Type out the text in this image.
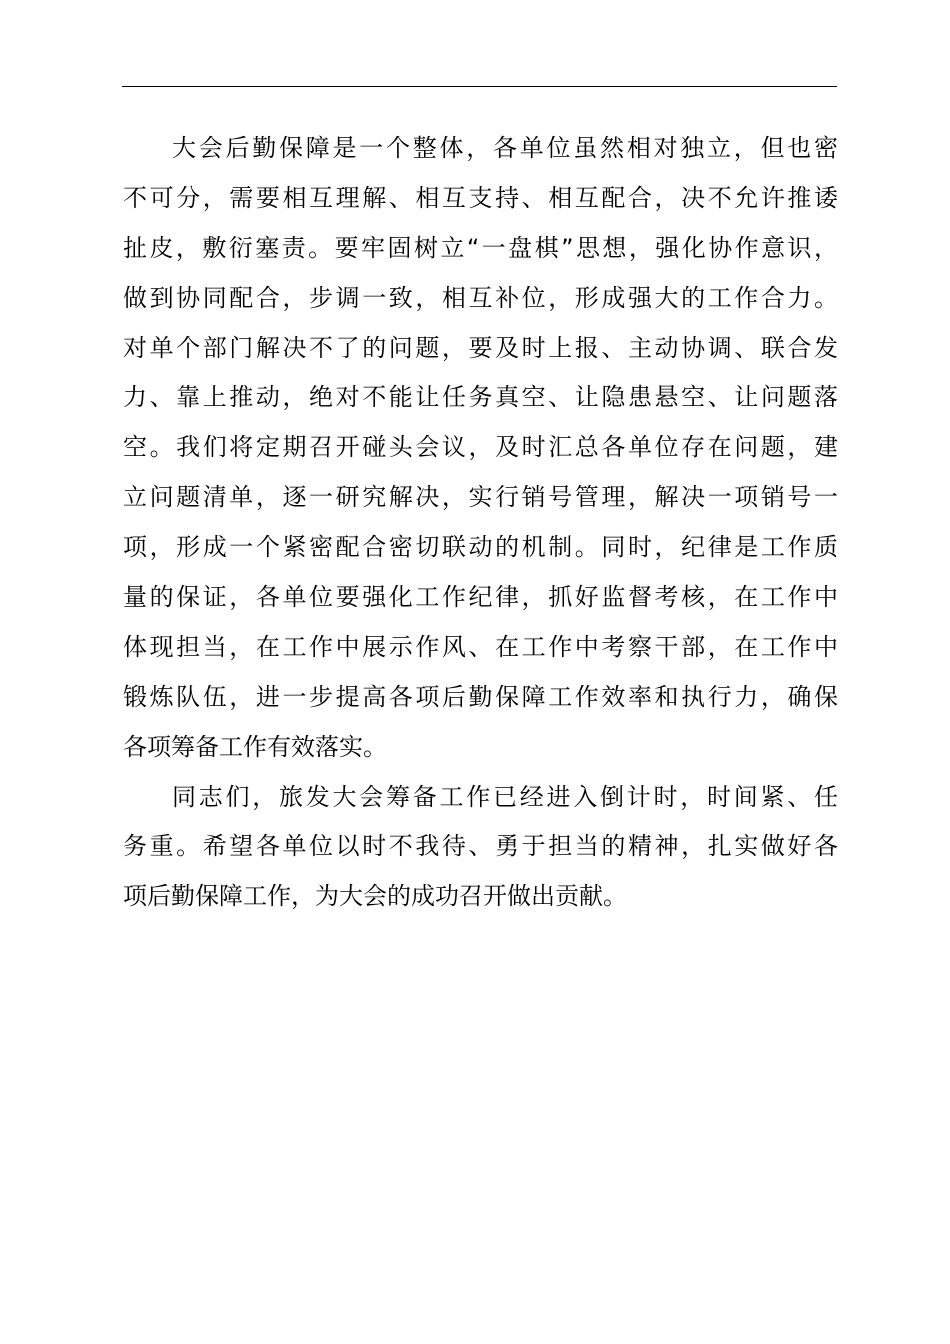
大会后勤保障是一个整体，各单位虽然相对独立，但也密
不可分，需要相互理解、相互支持、相互配合，决不允许推诿
扯皮，敷衍塞责。要牢固树立“一盘棋”思想，强化协作意识，
做到协同配合，步调一致，相互补位，形成强大的工作合力。
对单个部门解决不了的问题，要及时上报、主动协调、联合发
力、靠上推动，绝对不能让任务真空、让隐患悬空、让问题落
空。我们将定期召开碰头会议，及时汇总各单位存在问题，建
立问题清单，逐一研究解决，实行销号管理，解决一项销号一
项，形成一个紧密配合密切联动的机制。同时，纪律是工作质
量的保证，各单位要强化工作纪律，抓好监督考核，在工作中
体现担当，在工作中展示作风、在工作中考察干部，在工作中
锻炼队伍，进一步提高各项后勤保障工作效率和执行力，确保
各项筹备工作有效落实。
同志们，旅发大会筹备工作已经进入倒计时，时间紧、任
务重。希望各单位以时不我待、勇于担当的精神，扎实做好各
项后勤保障工作，为大会的成功召开做出贡献。
